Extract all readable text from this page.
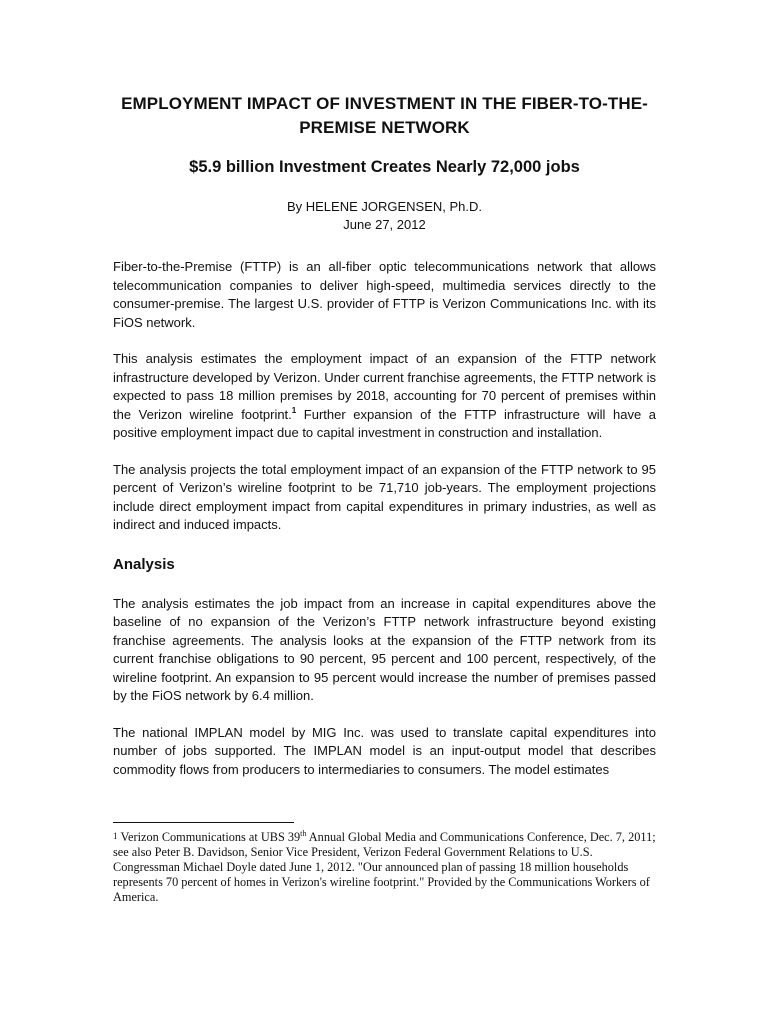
EMPLOYMENT IMPACT OF INVESTMENT IN THE FIBER-TO-THE-PREMISE NETWORK
$5.9 billion Investment Creates Nearly 72,000 jobs

By HELENE JORGENSEN, Ph.D.

June 27, 2012

Fiber-to-the-Premise (FTTP) is an all-fiber optic telecommunications network that allows telecommunication companies to deliver high-speed, multimedia services directly to the consumer-premise. The largest U.S. provider of FTTP is Verizon Communications Inc. with its FiOS network.

This analysis estimates the employment impact of an expansion of the FTTP network infrastructure developed by Verizon. Under current franchise agreements, the FTTP network is expected to pass 18 million premises by 2018, accounting for 70 percent of premises within the Verizon wireline footprint.$^1$ Further expansion of the FTTP infrastructure will have a positive employment impact due to capital investment in construction and installation.

The analysis projects the total employment impact of an expansion of the FTTP network to 95 percent of Verizon’s wireline footprint to be 71,710 job-years. The employment projections include direct employment impact from capital expenditures in primary industries, as well as indirect and induced impacts.

Analysis

The analysis estimates the job impact from an increase in capital expenditures above the baseline of no expansion of the Verizon’s FTTP network infrastructure beyond existing franchise agreements. The analysis looks at the expansion of the FTTP network from its current franchise obligations to 90 percent, 95 percent and 100 percent, respectively, of the wireline footprint. An expansion to 95 percent would increase the number of premises passed by the FiOS network by 6.4 million.

The national IMPLAN model by MIG Inc. was used to translate capital expenditures into number of jobs supported. The IMPLAN model is an input-output model that describes commodity flows from producers to intermediaries to consumers. The model estimates

1 Verizon Communications at UBS 39th Annual Global Media and Communications Conference, Dec. 7, 2011; see also Peter B. Davidson, Senior Vice President, Verizon Federal Government Relations to U.S. Congressman Michael Doyle dated June 1, 2012. "Our announced plan of passing 18 million households represents 70 percent of homes in Verizon's wireline footprint." Provided by the Communications Workers of America.
